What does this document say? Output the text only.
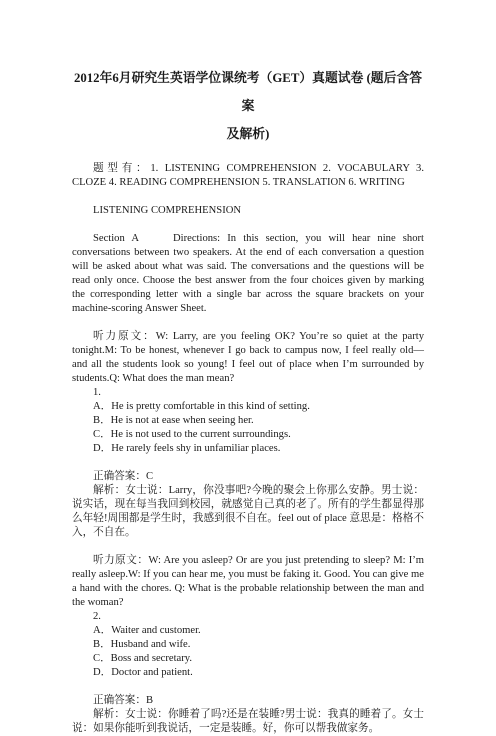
2012年6月研究生英语学位课统考（GET）真题试卷 (题后含答案

及解析)

题型有：1. LISTENING COMPREHENSION 2. VOCABULARY 3. CLOZE 4. READING COMPREHENSION 5. TRANSLATION 6. WRITING

LISTENING COMPREHENSION

Section A　　Directions: In this section, you will hear nine short conversations between two speakers. At the end of each conversation a question will be asked about what was said. The conversations and the questions will be read only once. Choose the best answer from the four choices given by marking the corresponding letter with a single bar across the square brackets on your machine-scoring Answer Sheet.

听力原文：W: Larry, are you feeling OK? You’re so quiet at the party tonight.M: To be honest, whenever I go back to campus now, I feel really old—and all the students look so young! I feel out of place when I’m surrounded by students.Q: What does the man mean?

1.

A．He is pretty comfortable in this kind of setting.

B．He is not at ease when seeing her.

C．He is not used to the current surroundings.

D．He rarely feels shy in unfamiliar places.

正确答案：C

解析：女士说：Larry，你没事吧?今晚的聚会上你那么安静。男士说：说实话，现在每当我回到校园，就感觉自己真的老了。所有的学生都显得那么年轻!周围都是学生时，我感到很不自在。feel out of place 意思是：格格不入，不自在。

听力原文：W: Are you asleep? Or are you just pretending to sleep? M: I’m really asleep.W: If you can hear me, you must be faking it. Good. You can give me a hand with the chores. Q: What is the probable relationship between the man and the woman?

2.

A．Waiter and customer.

B．Husband and wife.

C．Boss and secretary.

D．Doctor and patient.

正确答案：B

解析：女士说：你睡着了吗?还是在装睡?男士说：我真的睡着了。女士说：如果你能听到我说话，一定是装睡。好，你可以帮我做家务。
